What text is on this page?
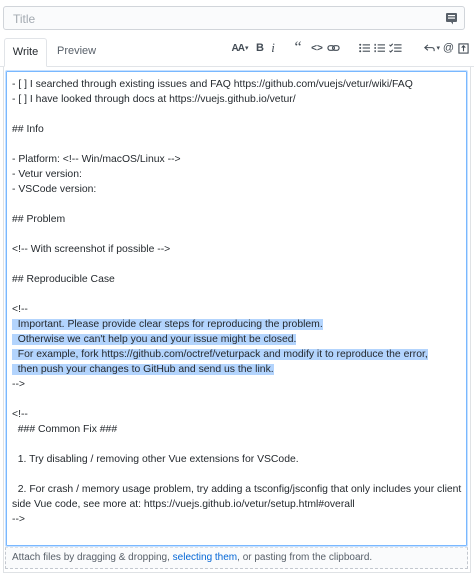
Title
Write	Preview	AA ▾ B i “ <>	▾ @
- [ ] I searched through existing issues and FAQ https://github.com/vuejs/vetur/wiki/FAQ
- [ ] I have looked through docs at https://vuejs.github.io/vetur/
## Info
- Platform: <!-- Win/macOS/Linux -->
- Vetur version:
- VSCode version:
## Problem
<!-- With screenshot if possible -->
## Reproducible Case
<!--
Important. Please provide clear steps for reproducing the problem.
Otherwise we can't help you and your issue might be closed.
For example, fork https://github.com/octref/veturpack and modify it to reproduce the error,
then push your changes to GitHub and send us the link.
-->
<!--
### Common Fix ###
1. Try disabling / removing other Vue extensions for VSCode.
2. For crash / memory usage problem, try adding a tsconfig/jsconfig that only includes your client
side Vue code, see more at: https://vuejs.github.io/vetur/setup.html#overall
-->
Attach files by dragging & dropping, selecting them, or pasting from the clipboard.
